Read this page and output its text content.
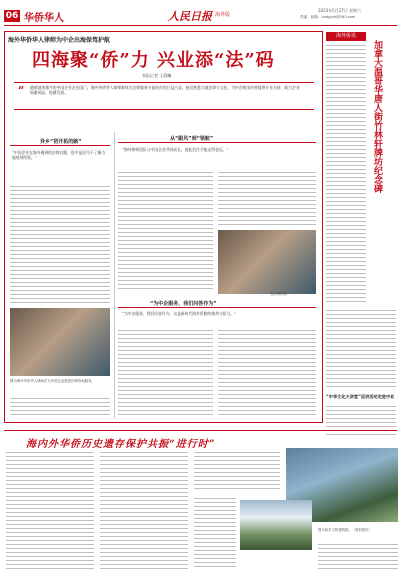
06 华侨华人	人民日报 海外版
2023年5月27日 星期六
责编：邮箱：hwbjyzk@163.com
海外华侨华人律师为中企出海保驾护航
四海聚“侨”力 兴业添“法”码
本报记者 王晨曦
“ 随着越来越多的中国企业走出国门，海外华侨华人律师群体在法律服务方面的作用日益凸显。他们熟悉当地法律与文化，为中企跨国经营提供专业支持，助力企业规避风险、稳健发展。
异乡“初开拓的路”
“中国企业在海外遇到的法律问题，很多是因为不了解当地规则所致。”
图为海外华侨华人律师在为中国企业提供法律咨询服务。
从“跟风”到“领航”
“海外律师团队与中国企业共同成长，彼此信任才能走得更远。”
受访者供图
“为中企服务，我们问答作为”
“为中企服务，我们问答作为，这是新时代海外侨胞的使命与担当。”
海外侨讯
加拿大温哥华唐人街竹林轩牌坊纪念碑
“中华文化大讲堂”巡讲活动走进中亚
海内外华侨历史遗存保护共振“进行时”
图为侨乡文物建筑群。（资料图片）
